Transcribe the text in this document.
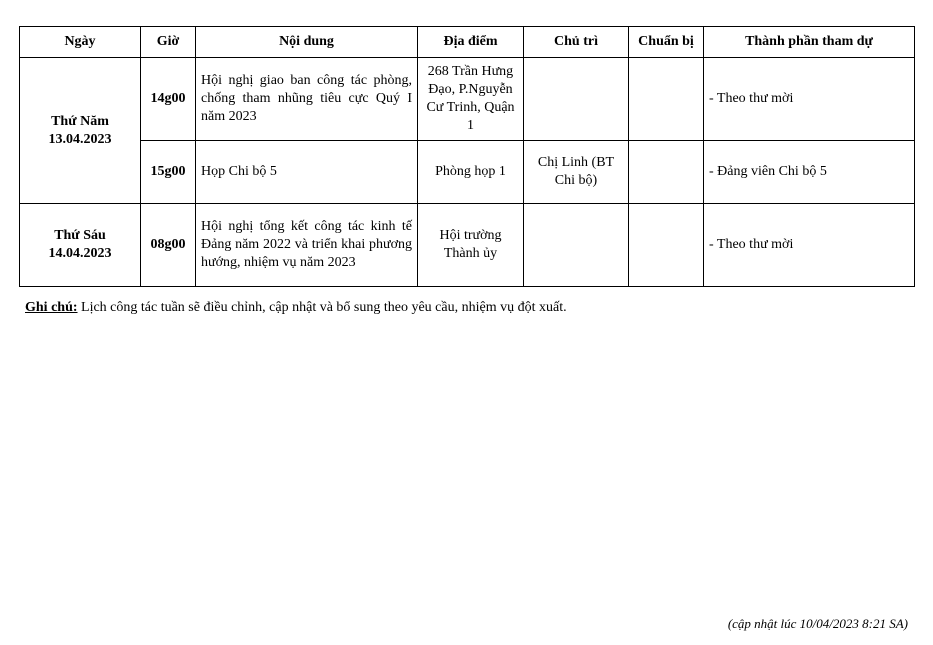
Ngày	Giờ	Nội dung	Địa điểm	Chủ trì	Chuẩn bị	Thành phần tham dự

Thứ Năm
13.04.2023	14g00	Hội nghị giao ban công tác phòng, chống tham nhũng tiêu cực Quý I năm 2023	268 Trần Hưng Đạo, P.Nguyễn Cư Trinh, Quận 1			- Theo thư mời
	15g00	Họp Chi bộ 5	Phòng họp 1	Chị Linh (BT Chi bộ)		- Đảng viên Chi bộ 5

Thứ Sáu
14.04.2023	08g00	Hội nghị tổng kết công tác kinh tế Đảng năm 2022 và triển khai phương hướng, nhiệm vụ năm 2023	Hội trường Thành ủy			- Theo thư mời
Ghi chú: Lịch công tác tuần sẽ điều chỉnh, cập nhật và bổ sung theo yêu cầu, nhiệm vụ đột xuất.
(cập nhật lúc 10/04/2023 8:21 SA)
